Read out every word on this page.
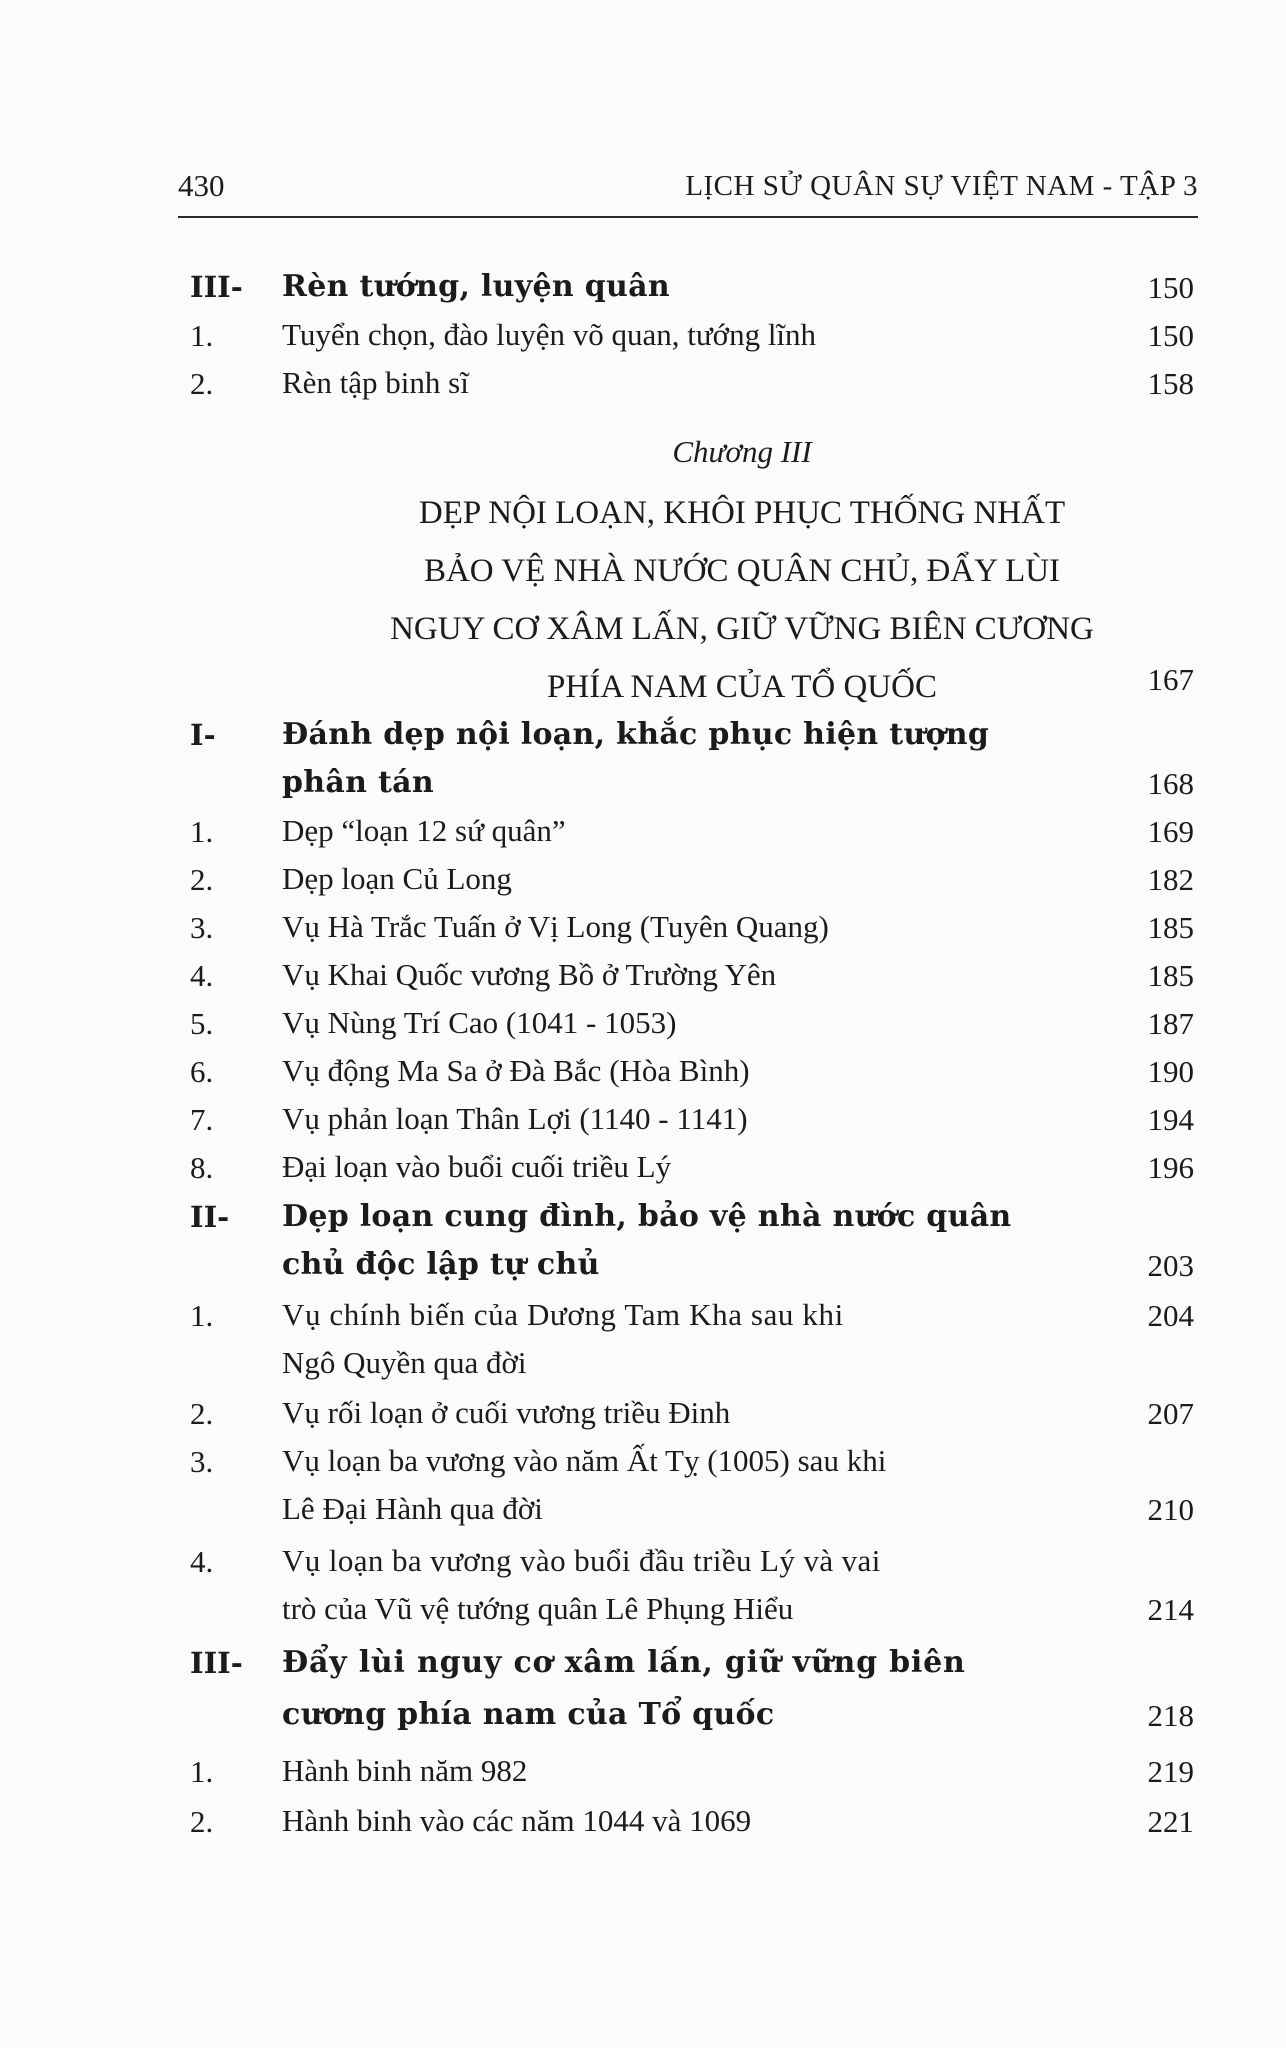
430	LỊCH SỬ QUÂN SỰ VIỆT NAM - TẬP 3
III- Rèn tướng, luyện quân	150
1. Tuyển chọn, đào luyện võ quan, tướng lĩnh	150
2. Rèn tập binh sĩ	158
Chương III
DẸP NỘI LOẠN, KHÔI PHỤC THỐNG NHẤT
BẢO VỆ NHÀ NƯỚC QUÂN CHỦ, ĐẨY LÙI
NGUY CƠ XÂM LẤN, GIỮ VỮNG BIÊN CƯƠNG
PHÍA NAM CỦA TỔ QUỐC	167
I- Đánh dẹp nội loạn, khắc phục hiện tượng
phân tán	168
1. Dẹp “loạn 12 sứ quân”	169
2. Dẹp loạn Củ Long	182
3. Vụ Hà Trắc Tuấn ở Vị Long (Tuyên Quang)	185
4. Vụ Khai Quốc vương Bồ ở Trường Yên	185
5. Vụ Nùng Trí Cao (1041 - 1053)	187
6. Vụ động Ma Sa ở Đà Bắc (Hòa Bình)	190
7. Vụ phản loạn Thân Lợi (1140 - 1141)	194
8. Đại loạn vào buổi cuối triều Lý	196
II- Dẹp loạn cung đình, bảo vệ nhà nước quân
chủ độc lập tự chủ	203
1. Vụ chính biến của Dương Tam Kha sau khi	204
Ngô Quyền qua đời
2. Vụ rối loạn ở cuối vương triều Đinh	207
3. Vụ loạn ba vương vào năm Ất Tỵ (1005) sau khi
Lê Đại Hành qua đời	210
4. Vụ loạn ba vương vào buổi đầu triều Lý và vai
trò của Vũ vệ tướng quân Lê Phụng Hiểu	214
III- Đẩy lùi nguy cơ xâm lấn, giữ vững biên
cương phía nam của Tổ quốc	218
1. Hành binh năm 982	219
2. Hành binh vào các năm 1044 và 1069	221
